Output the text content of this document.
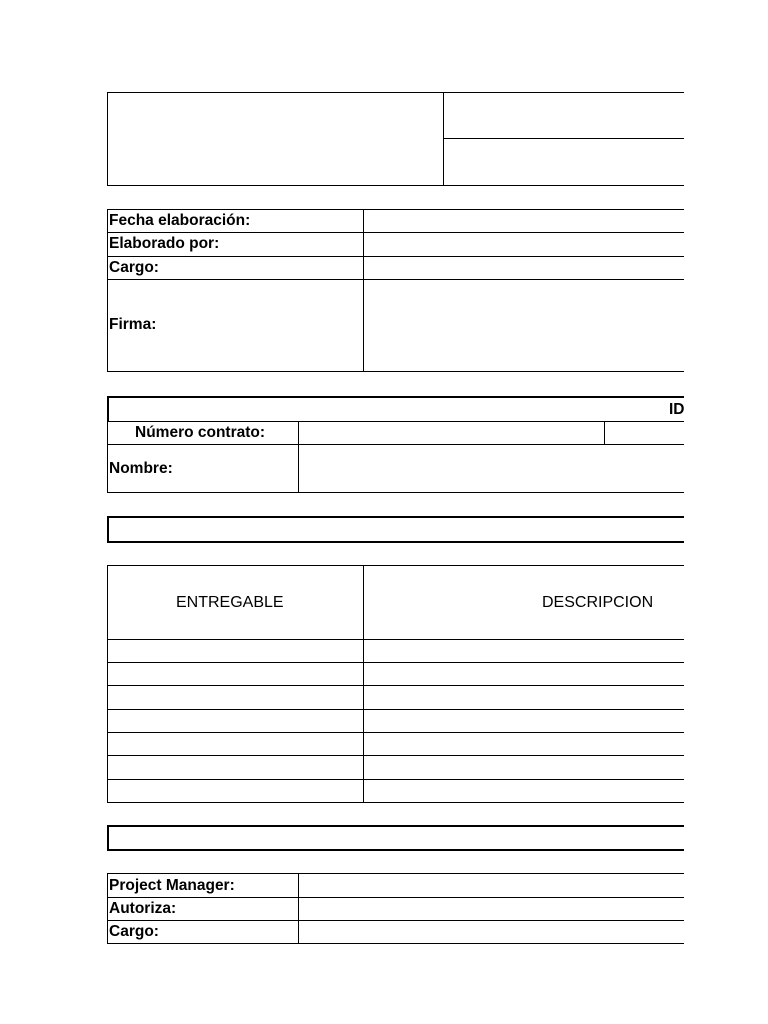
Fecha elaboración:
Elaborado por:
Cargo:
Firma:
ID
Número contrato:
Nombre:
ENTREGABLE	DESCRIPCION
Project Manager:
Autoriza:
Cargo:
